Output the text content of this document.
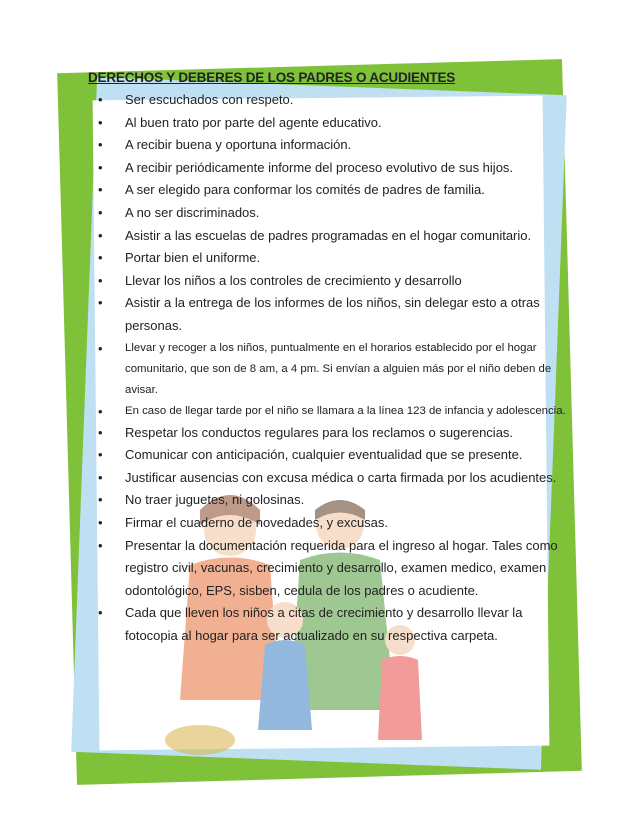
DERECHOS Y DEBERES DE LOS PADRES O ACUDIENTES
• Ser escuchados con respeto.
• Al buen trato por parte del agente educativo.
• A recibir buena y oportuna información.
• A recibir periódicamente informe del proceso evolutivo de sus hijos.
• A ser elegido para conformar los comités de padres de familia.
• A no ser discriminados.
• Asistir a las escuelas de padres programadas en el hogar comunitario.
• Portar bien el uniforme.
• Llevar los niños a los controles de crecimiento y desarrollo
• Asistir a la entrega de los informes de los niños, sin delegar esto a otras personas.
• Llevar y recoger a los niños, puntualmente en el horarios establecido por el hogar comunitario, que son de 8 am, a 4 pm. Si envían a alguien más por el niño deben de avisar.
• En caso de llegar tarde por el niño se llamara a la línea 123 de infancia y adolescencia.
• Respetar los conductos regulares para los reclamos o sugerencias.
• Comunicar con anticipación, cualquier eventualidad que se presente.
• Justificar ausencias con excusa médica o carta firmada por los acudientes.
• No traer juguetes, ni golosinas.
• Firmar el cuaderno de novedades, y excusas.
• Presentar la documentación requerida para el ingreso al hogar. Tales como registro civil, vacunas, crecimiento y desarrollo, examen medico, examen odontológico, EPS, sisben, cedula de los padres o acudiente.
• Cada que lleven los niños a citas de crecimiento y desarrollo llevar la fotocopia al hogar para ser actualizado en su respectiva carpeta.
